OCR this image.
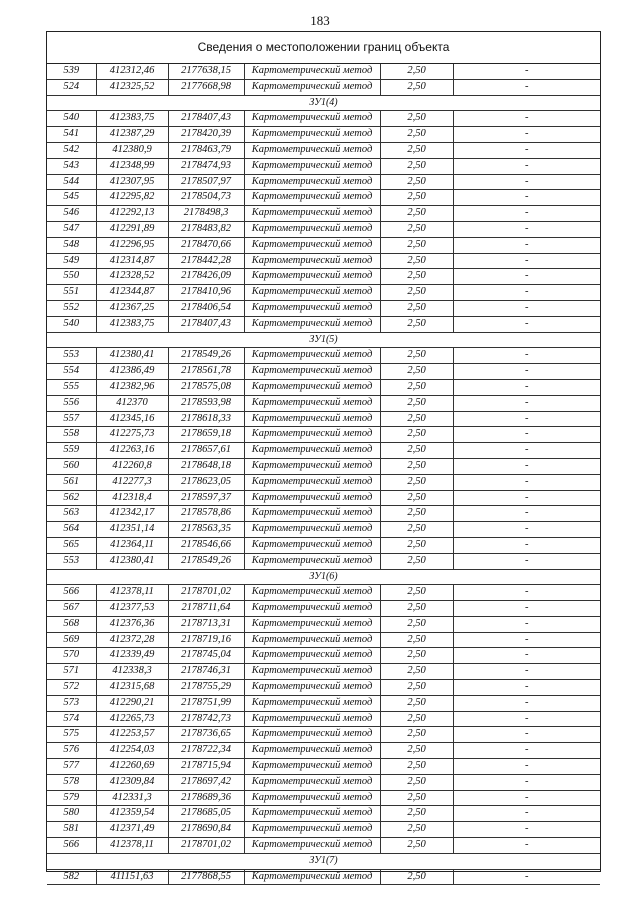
183
Сведения о местоположении границ объекта
539	412312,46	2177638,15	Картометрический метод	2,50	-
524	412325,52	2177668,98	Картометрический метод	2,50	-
ЗУ1(4)					
540	412383,75	2178407,43	Картометрический метод	2,50	-
541	412387,29	2178420,39	Картометрический метод	2,50	-
542	412380,9	2178463,79	Картометрический метод	2,50	-
543	412348,99	2178474,93	Картометрический метод	2,50	-
544	412307,95	2178507,97	Картометрический метод	2,50	-
545	412295,82	2178504,73	Картометрический метод	2,50	-
546	412292,13	2178498,3	Картометрический метод	2,50	-
547	412291,89	2178483,82	Картометрический метод	2,50	-
548	412296,95	2178470,66	Картометрический метод	2,50	-
549	412314,87	2178442,28	Картометрический метод	2,50	-
550	412328,52	2178426,09	Картометрический метод	2,50	-
551	412344,87	2178410,96	Картометрический метод	2,50	-
552	412367,25	2178406,54	Картометрический метод	2,50	-
540	412383,75	2178407,43	Картометрический метод	2,50	-
ЗУ1(5)					
553	412380,41	2178549,26	Картометрический метод	2,50	-
554	412386,49	2178561,78	Картометрический метод	2,50	-
555	412382,96	2178575,08	Картометрический метод	2,50	-
556	412370	2178593,98	Картометрический метод	2,50	-
557	412345,16	2178618,33	Картометрический метод	2,50	-
558	412275,73	2178659,18	Картометрический метод	2,50	-
559	412263,16	2178657,61	Картометрический метод	2,50	-
560	412260,8	2178648,18	Картометрический метод	2,50	-
561	412277,3	2178623,05	Картометрический метод	2,50	-
562	412318,4	2178597,37	Картометрический метод	2,50	-
563	412342,17	2178578,86	Картометрический метод	2,50	-
564	412351,14	2178563,35	Картометрический метод	2,50	-
565	412364,11	2178546,66	Картометрический метод	2,50	-
553	412380,41	2178549,26	Картометрический метод	2,50	-
ЗУ1(6)					
566	412378,11	2178701,02	Картометрический метод	2,50	-
567	412377,53	2178711,64	Картометрический метод	2,50	-
568	412376,36	2178713,31	Картометрический метод	2,50	-
569	412372,28	2178719,16	Картометрический метод	2,50	-
570	412339,49	2178745,04	Картометрический метод	2,50	-
571	412338,3	2178746,31	Картометрический метод	2,50	-
572	412315,68	2178755,29	Картометрический метод	2,50	-
573	412290,21	2178751,99	Картометрический метод	2,50	-
574	412265,73	2178742,73	Картометрический метод	2,50	-
575	412253,57	2178736,65	Картометрический метод	2,50	-
576	412254,03	2178722,34	Картометрический метод	2,50	-
577	412260,69	2178715,94	Картометрический метод	2,50	-
578	412309,84	2178697,42	Картометрический метод	2,50	-
579	412331,3	2178689,36	Картометрический метод	2,50	-
580	412359,54	2178685,05	Картометрический метод	2,50	-
581	412371,49	2178690,84	Картометрический метод	2,50	-
566	412378,11	2178701,02	Картометрический метод	2,50	-
ЗУ1(7)					
582	411151,63	2177868,55	Картометрический метод	2,50	-
